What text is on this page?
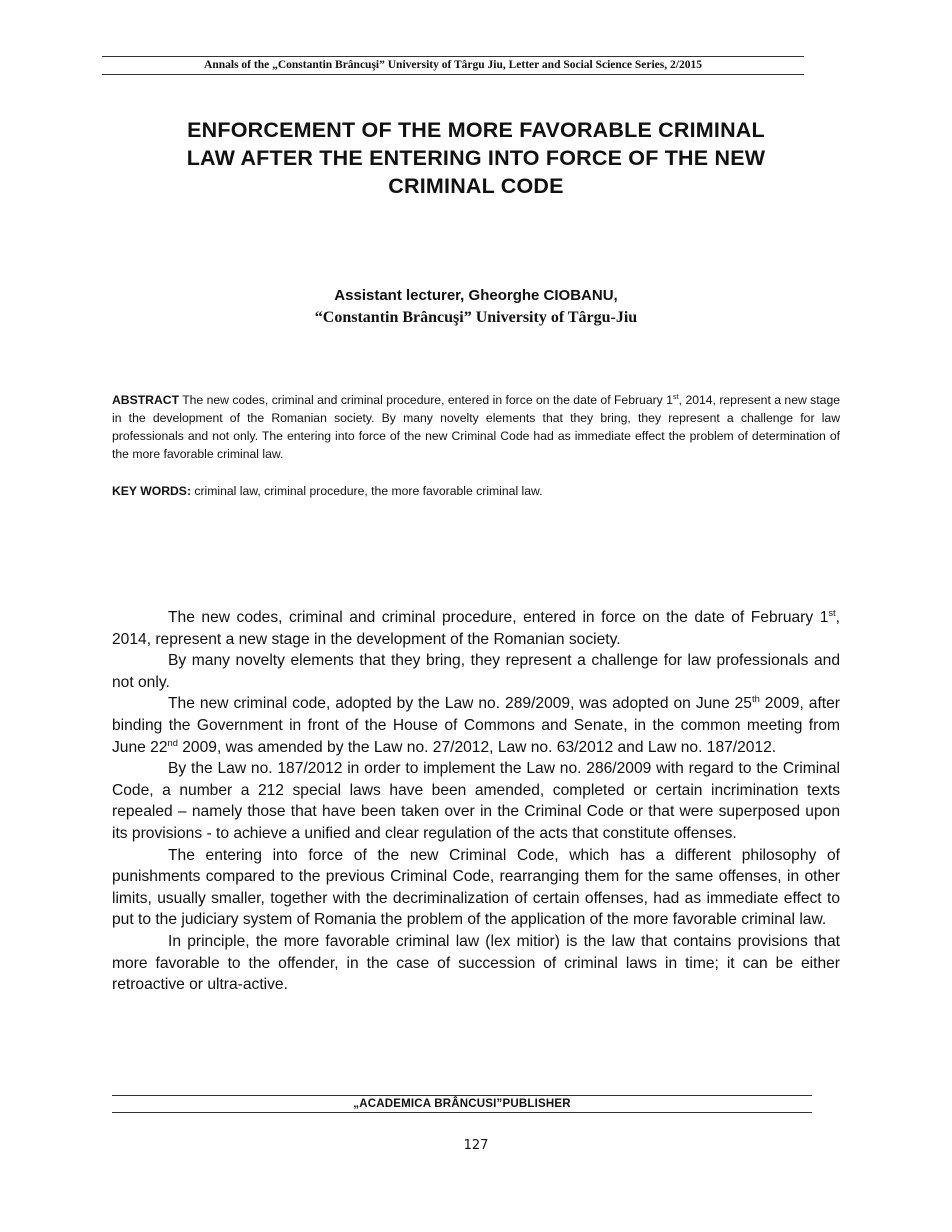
Annals of the „Constantin Brâncuşi” University of Târgu Jiu, Letter and Social Science Series, 2/2015
ENFORCEMENT OF THE MORE FAVORABLE CRIMINAL
LAW AFTER THE ENTERING INTO FORCE OF THE NEW
CRIMINAL CODE
Assistant lecturer, Gheorghe CIOBANU,
“Constantin Brâncuşi” University of Târgu-Jiu
ABSTRACT The new codes, criminal and criminal procedure, entered in force on the date of February 1st, 2014, represent a new stage in the development of the Romanian society. By many novelty elements that they bring, they represent a challenge for law professionals and not only. The entering into force of the new Criminal Code had as immediate effect the problem of determination of the more favorable criminal law.
KEY WORDS: criminal law, criminal procedure, the more favorable criminal law.

The new codes, criminal and criminal procedure, entered in force on the date of February 1st, 2014, represent a new stage in the development of the Romanian society.

By many novelty elements that they bring, they represent a challenge for law professionals and not only.

The new criminal code, adopted by the Law no. 289/2009, was adopted on June 25th 2009, after binding the Government in front of the House of Commons and Senate, in the common meeting from June 22nd 2009, was amended by the Law no. 27/2012, Law no. 63/2012 and Law no. 187/2012.

By the Law no. 187/2012 in order to implement the Law no. 286/2009 with regard to the Criminal Code, a number a 212 special laws have been amended, completed or certain incrimination texts repealed – namely those that have been taken over in the Criminal Code or that were superposed upon its provisions - to achieve a unified and clear regulation of the acts that constitute offenses.

The entering into force of the new Criminal Code, which has a different philosophy of punishments compared to the previous Criminal Code, rearranging them for the same offenses, in other limits, usually smaller, together with the decriminalization of certain offenses, had as immediate effect to put to the judiciary system of Romania the problem of the application of the more favorable criminal law.

In principle, the more favorable criminal law (lex mitior) is the law that contains provisions that more favorable to the offender, in the case of succession of criminal laws in time; it can be either retroactive or ultra-active.

„ACADEMICA BRÂNCUSI”PUBLISHER
127
